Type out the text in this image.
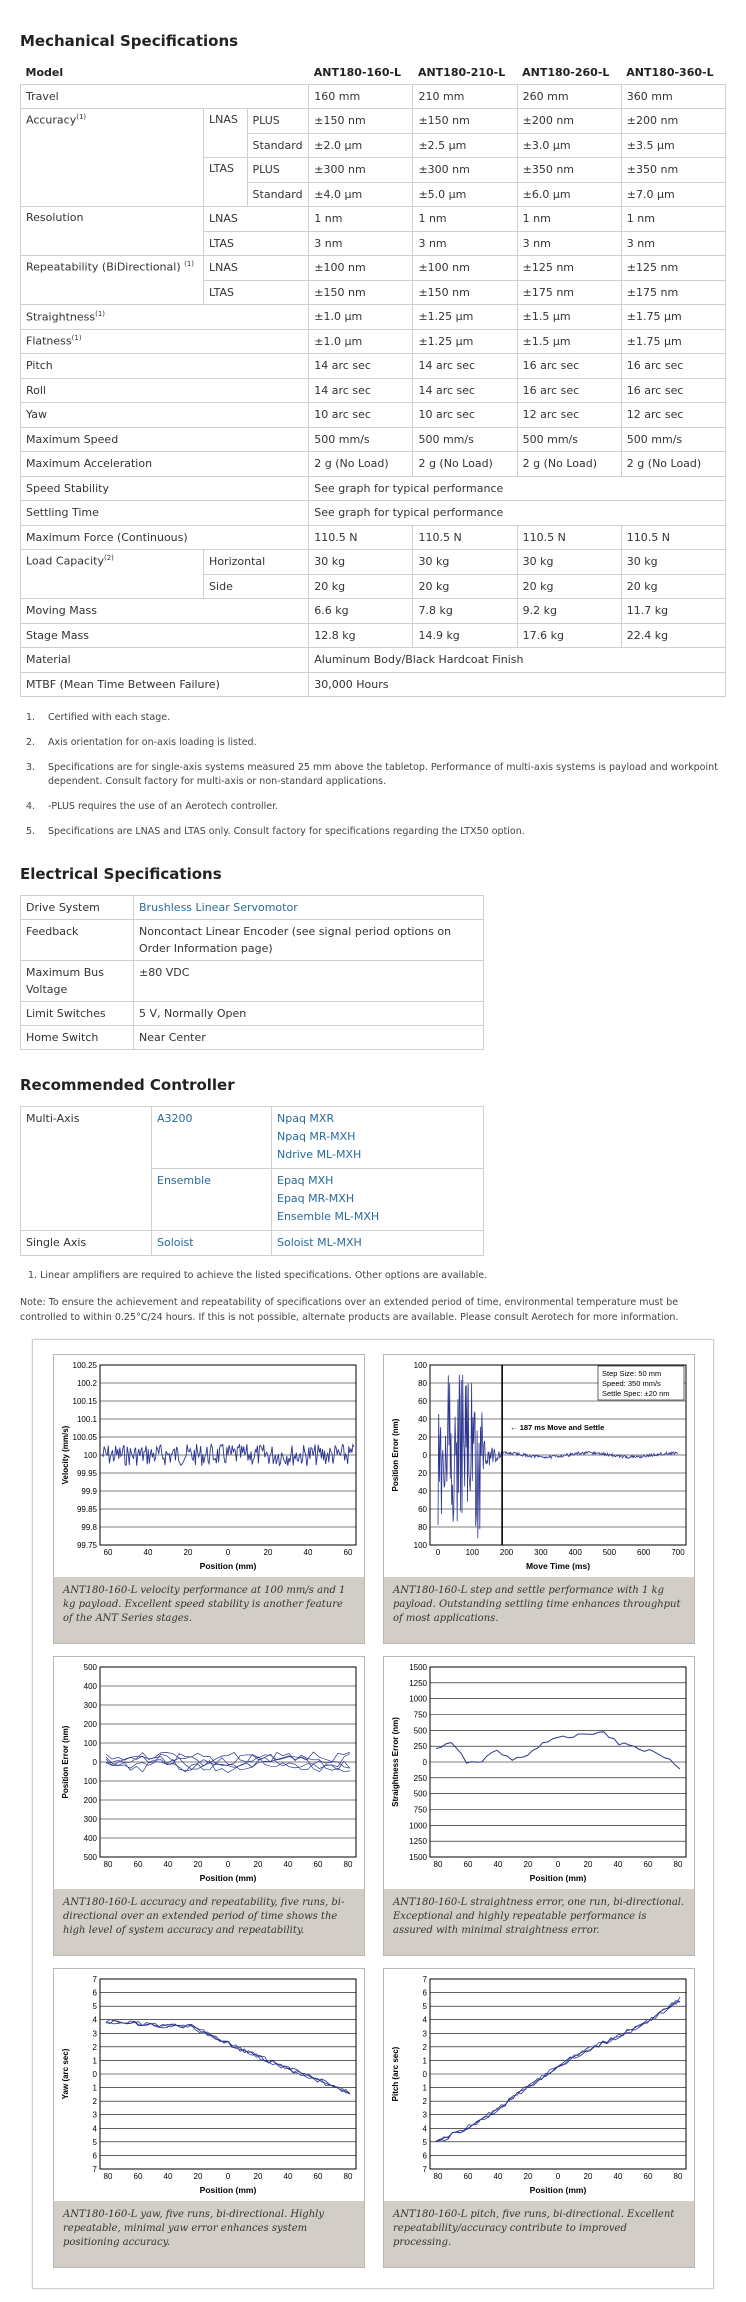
Mechanical Specifications
Model			ANT180-160-L	ANT180-210-L	ANT180-260-L	ANT180-360-L
Travel			160 mm	210 mm	260 mm	360 mm
Accuracy$^{(1)}$	LNAS	PLUS	±150 nm	±150 nm	±200 nm	±200 nm
		Standard	±2.0 µm	±2.5 µm	±3.0 µm	±3.5 µm
	LTAS	PLUS	±300 nm	±300 nm	±350 nm	±350 nm
		Standard	±4.0 µm	±5.0 µm	±6.0 µm	±7.0 µm
Resolution	LNAS		1 nm	1 nm	1 nm	1 nm
	LTAS		3 nm	3 nm	3 nm	3 nm
Repeatability (BiDirectional) $^{(1)}$	LNAS		±100 nm	±100 nm	±125 nm	±125 nm
	LTAS		±150 nm	±150 nm	±175 nm	±175 nm
Straightness$^{(1)}$			±1.0 µm	±1.25 µm	±1.5 µm	±1.75 µm
Flatness$^{(1)}$			±1.0 µm	±1.25 µm	±1.5 µm	±1.75 µm
Pitch			14 arc sec	14 arc sec	16 arc sec	16 arc sec
Roll			14 arc sec	14 arc sec	16 arc sec	16 arc sec
Yaw			10 arc sec	10 arc sec	12 arc sec	12 arc sec
Maximum Speed			500 mm/s	500 mm/s	500 mm/s	500 mm/s
Maximum Acceleration			2 g (No Load)	2 g (No Load)	2 g (No Load)	2 g (No Load)
Speed Stability			See graph for typical performance			
Settling Time			See graph for typical performance			
Maximum Force (Continuous)			110.5 N	110.5 N	110.5 N	110.5 N
Load Capacity$^{(2)}$	Horizontal		30 kg	30 kg	30 kg	30 kg
	Side		20 kg	20 kg	20 kg	20 kg
Moving Mass			6.6 kg	7.8 kg	9.2 kg	11.7 kg
Stage Mass			12.8 kg	14.9 kg	17.6 kg	22.4 kg
Material			Aluminum Body/Black Hardcoat Finish			
MTBF (Mean Time Between Failure)			30,000 Hours			
1.	Certified with each stage.
2.	Axis orientation for on-axis loading is listed.
3.	Specifications are for single-axis systems measured 25 mm above the tabletop. Performance of multi-axis systems is payload and workpoint dependent. Consult factory for multi-axis or non-standard applications.
4.	-PLUS requires the use of an Aerotech controller.
5.	Specifications are LNAS and LTAS only. Consult factory for specifications regarding the LTX50 option.
Electrical Specifications
Drive System	Brushless Linear Servomotor
Feedback	Noncontact Linear Encoder (see signal period options on Order Information page)
Maximum Bus Voltage	±80 VDC
Limit Switches	5 V, Normally Open
Home Switch	Near Center
Recommended Controller
Multi-Axis	A3200	Npaq MXR
Npaq MR-MXH
Ndrive ML-MXH
	Ensemble	Epaq MXH
Epaq MR-MXH
Ensemble ML-MXH
Single Axis	Soloist	Soloist ML-MXH

1. Linear amplifiers are required to achieve the listed specifications. Other options are available.

Note: To ensure the achievement and repeatability of specifications over an extended period of time, environmental temperature must be controlled to within 0.25°C/24 hours. If this is not possible, alternate products are available. Please consult Aerotech for more information.

100.25
100.2
100.15
100.1
100.05
100
99.95
99.9
99.85
99.8
99.75
60	40	20	0	20	40	60
Position (mm)
Velocity (mm/s)
ANT180-160-L velocity performance at 100 mm/s and 1 kg payload. Excellent speed stability is another feature of the ANT Series stages.
100
80
60
40
20
0
20
40
60
80
100
0	100	200	300	400	500	600	700
Move Time (ms)
Position Error (nm)
Step Size: 50 mm
Speed: 350 mm/s
Settle Spec: ±20 nm
← 187 ms Move and Settle
ANT180-160-L step and settle performance with 1 kg payload. Outstanding settling time enhances throughput of most applications.
500
400
300
200
100
0
100
200
300
400
500
80	60	40	20	0	20	40	60	80
Position (mm)
Position Error (nm)
ANT180-160-L accuracy and repeatability, five runs, bi-directional over an extended period of time shows the high level of system accuracy and repeatability.
1500
1250
1000
750
500
250
0
250
500
750
1000
1250
1500
80	60	40	20	0	20	40	60	80
Position (mm)
Straightness Error (nm)
ANT180-160-L straightness error, one run, bi-directional. Exceptional and highly repeatable performance is assured with minimal straightness error.
7
6
5
4
3
2
1
0
1
2
3
4
5
6
7
80	60	40	20	0	20	40	60	80
Position (mm)
Yaw (arc sec)
ANT180-160-L yaw, five runs, bi-directional. Highly repeatable, minimal yaw error enhances system positioning accuracy.
7
6
5
4
3
2
1
0
1
2
3
4
5
6
7
80	60	40	20	0	20	40	60	80
Position (mm)
Pitch (arc sec)
ANT180-160-L pitch, five runs, bi-directional. Excellent repeatability/accuracy contribute to improved processing.
